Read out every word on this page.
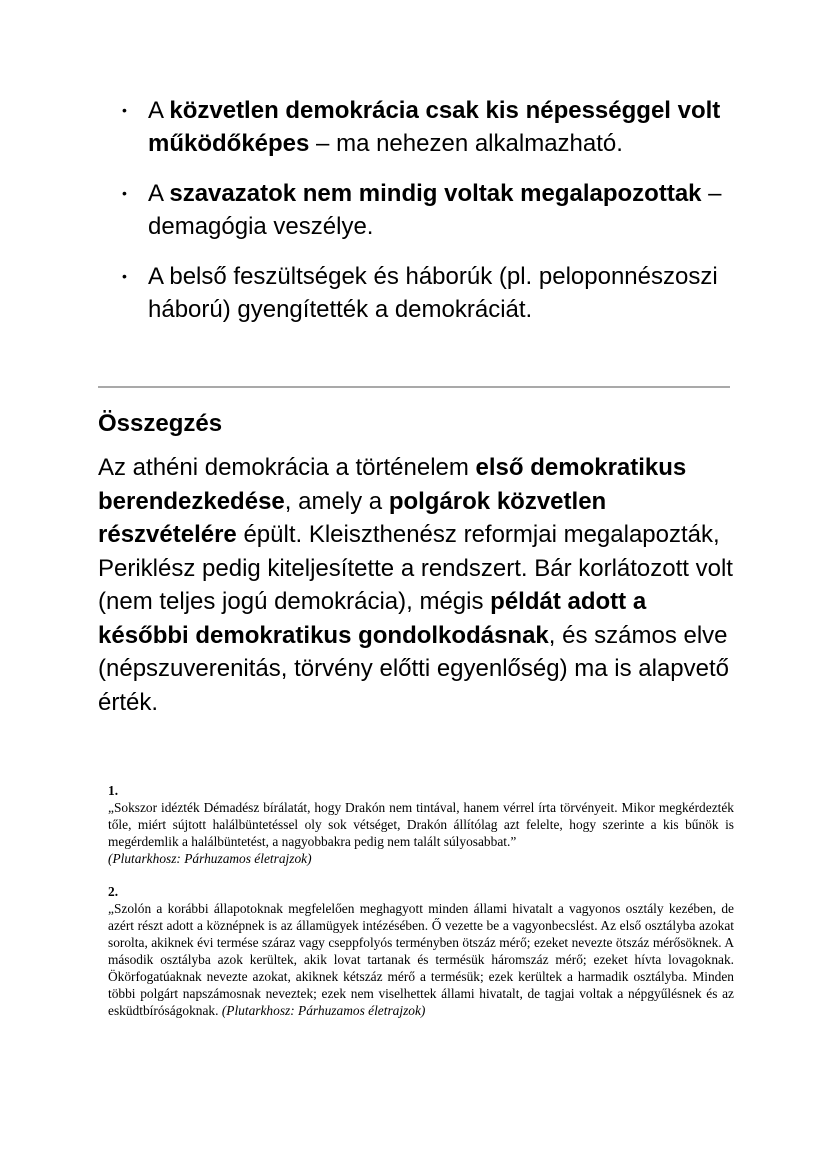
• A közvetlen demokrácia csak kis népességgel volt működőképes – ma nehezen alkalmazható.
• A szavazatok nem mindig voltak megalapozottak – demagógia veszélye.
• A belső feszültségek és háborúk (pl. peloponnészoszi háború) gyengítették a demokráciát.
Összegzés

Az athéni demokrácia a történelem első demokratikus berendezkedése, amely a polgárok közvetlen részvételére épült. Kleiszthenész reformjai megalapozták, Periklész pedig kiteljesítette a rendszert. Bár korlátozott volt (nem teljes jogú demokrácia), mégis példát adott a későbbi demokratikus gondolkodásnak, és számos elve (népszuverenitás, törvény előtti egyenlőség) ma is alapvető érték.

1.

„Sokszor idézték Démadész bírálatát, hogy Drakón nem tintával, hanem vérrel írta törvényeit. Mikor megkérdezték tőle, miért sújtott halálbüntetéssel oly sok vétséget, Drakón állítólag azt felelte, hogy szerinte a kis bűnök is megérdemlik a halálbüntetést, a nagyobbakra pedig nem talált súlyosabbat.”
(Plutarkhosz: Párhuzamos életrajzok)

2.

„Szolón a korábbi állapotoknak megfelelően meghagyott minden állami hivatalt a vagyonos osztály kezében, de azért részt adott a köznépnek is az államügyek intézésében. Ő vezette be a vagyonbecslést. Az első osztályba azokat sorolta, akiknek évi termése száraz vagy cseppfolyós terményben ötszáz mérő; ezeket nevezte ötszáz mérősöknek. A második osztályba azok kerültek, akik lovat tartanak és termésük háromszáz mérő; ezeket hívta lovagoknak. Ökörfogatúaknak nevezte azokat, akiknek kétszáz mérő a termésük; ezek kerültek a harmadik osztályba. Minden többi polgárt napszámosnak neveztek; ezek nem viselhettek állami hivatalt, de tagjai voltak a népgyűlésnek és az esküdtbíróságoknak. (Plutarkhosz: Párhuzamos életrajzok)
